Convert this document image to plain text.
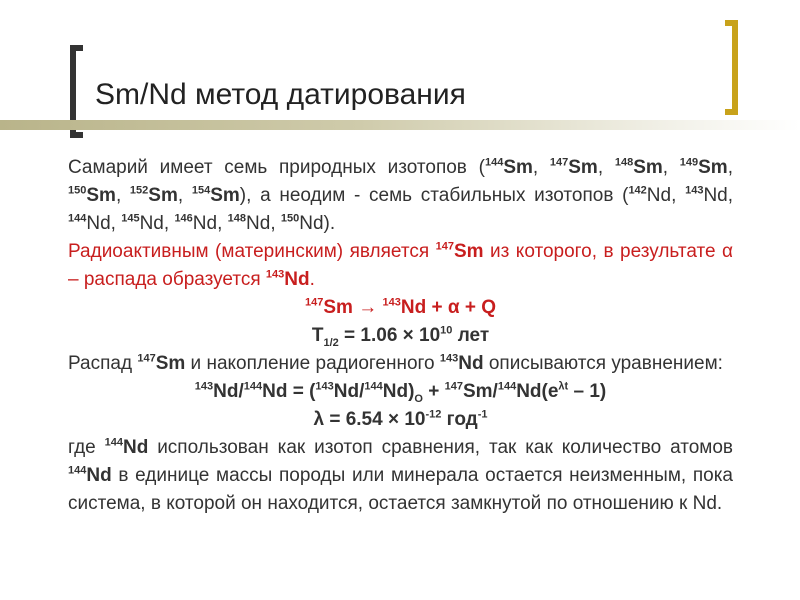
Sm/Nd метод датирования

Самарий имеет семь природных изотопов ($^{144}$Sm, $^{147}$Sm, $^{148}$Sm, $^{149}$Sm, $^{150}$Sm, $^{152}$Sm, $^{154}$Sm), а неодим - семь стабильных изотопов ($^{142}$Nd, $^{143}$Nd, $^{144}$Nd, $^{145}$Nd, $^{146}$Nd, $^{148}$Nd, $^{150}$Nd).

Радиоактивным (материнским) является $^{147}$Sm из которого, в результате α – распада образуется $^{143}$Nd.

$^{147}$Sm → $^{143}$Nd + α + Q

$T_{1/2} = 1.06 \times 10^{10}$ лет

Распад $^{147}$Sm и накопление радиогенного $^{143}$Nd описываются уравнением:

$^{143}Nd/^{144}Nd = (^{143}Nd/^{144}Nd)_O + ^{147}Sm/^{144}Nd(e^{\lambda t} - 1)$

$\lambda = 6.54 \times 10^{-12}$ год$^{-1}$

где $^{144}$Nd использован как изотоп сравнения, так как количество атомов $^{144}$Nd в единице массы породы или минерала остается неизменным, пока система, в которой он находится, остается замкнутой по отношению к Nd.
